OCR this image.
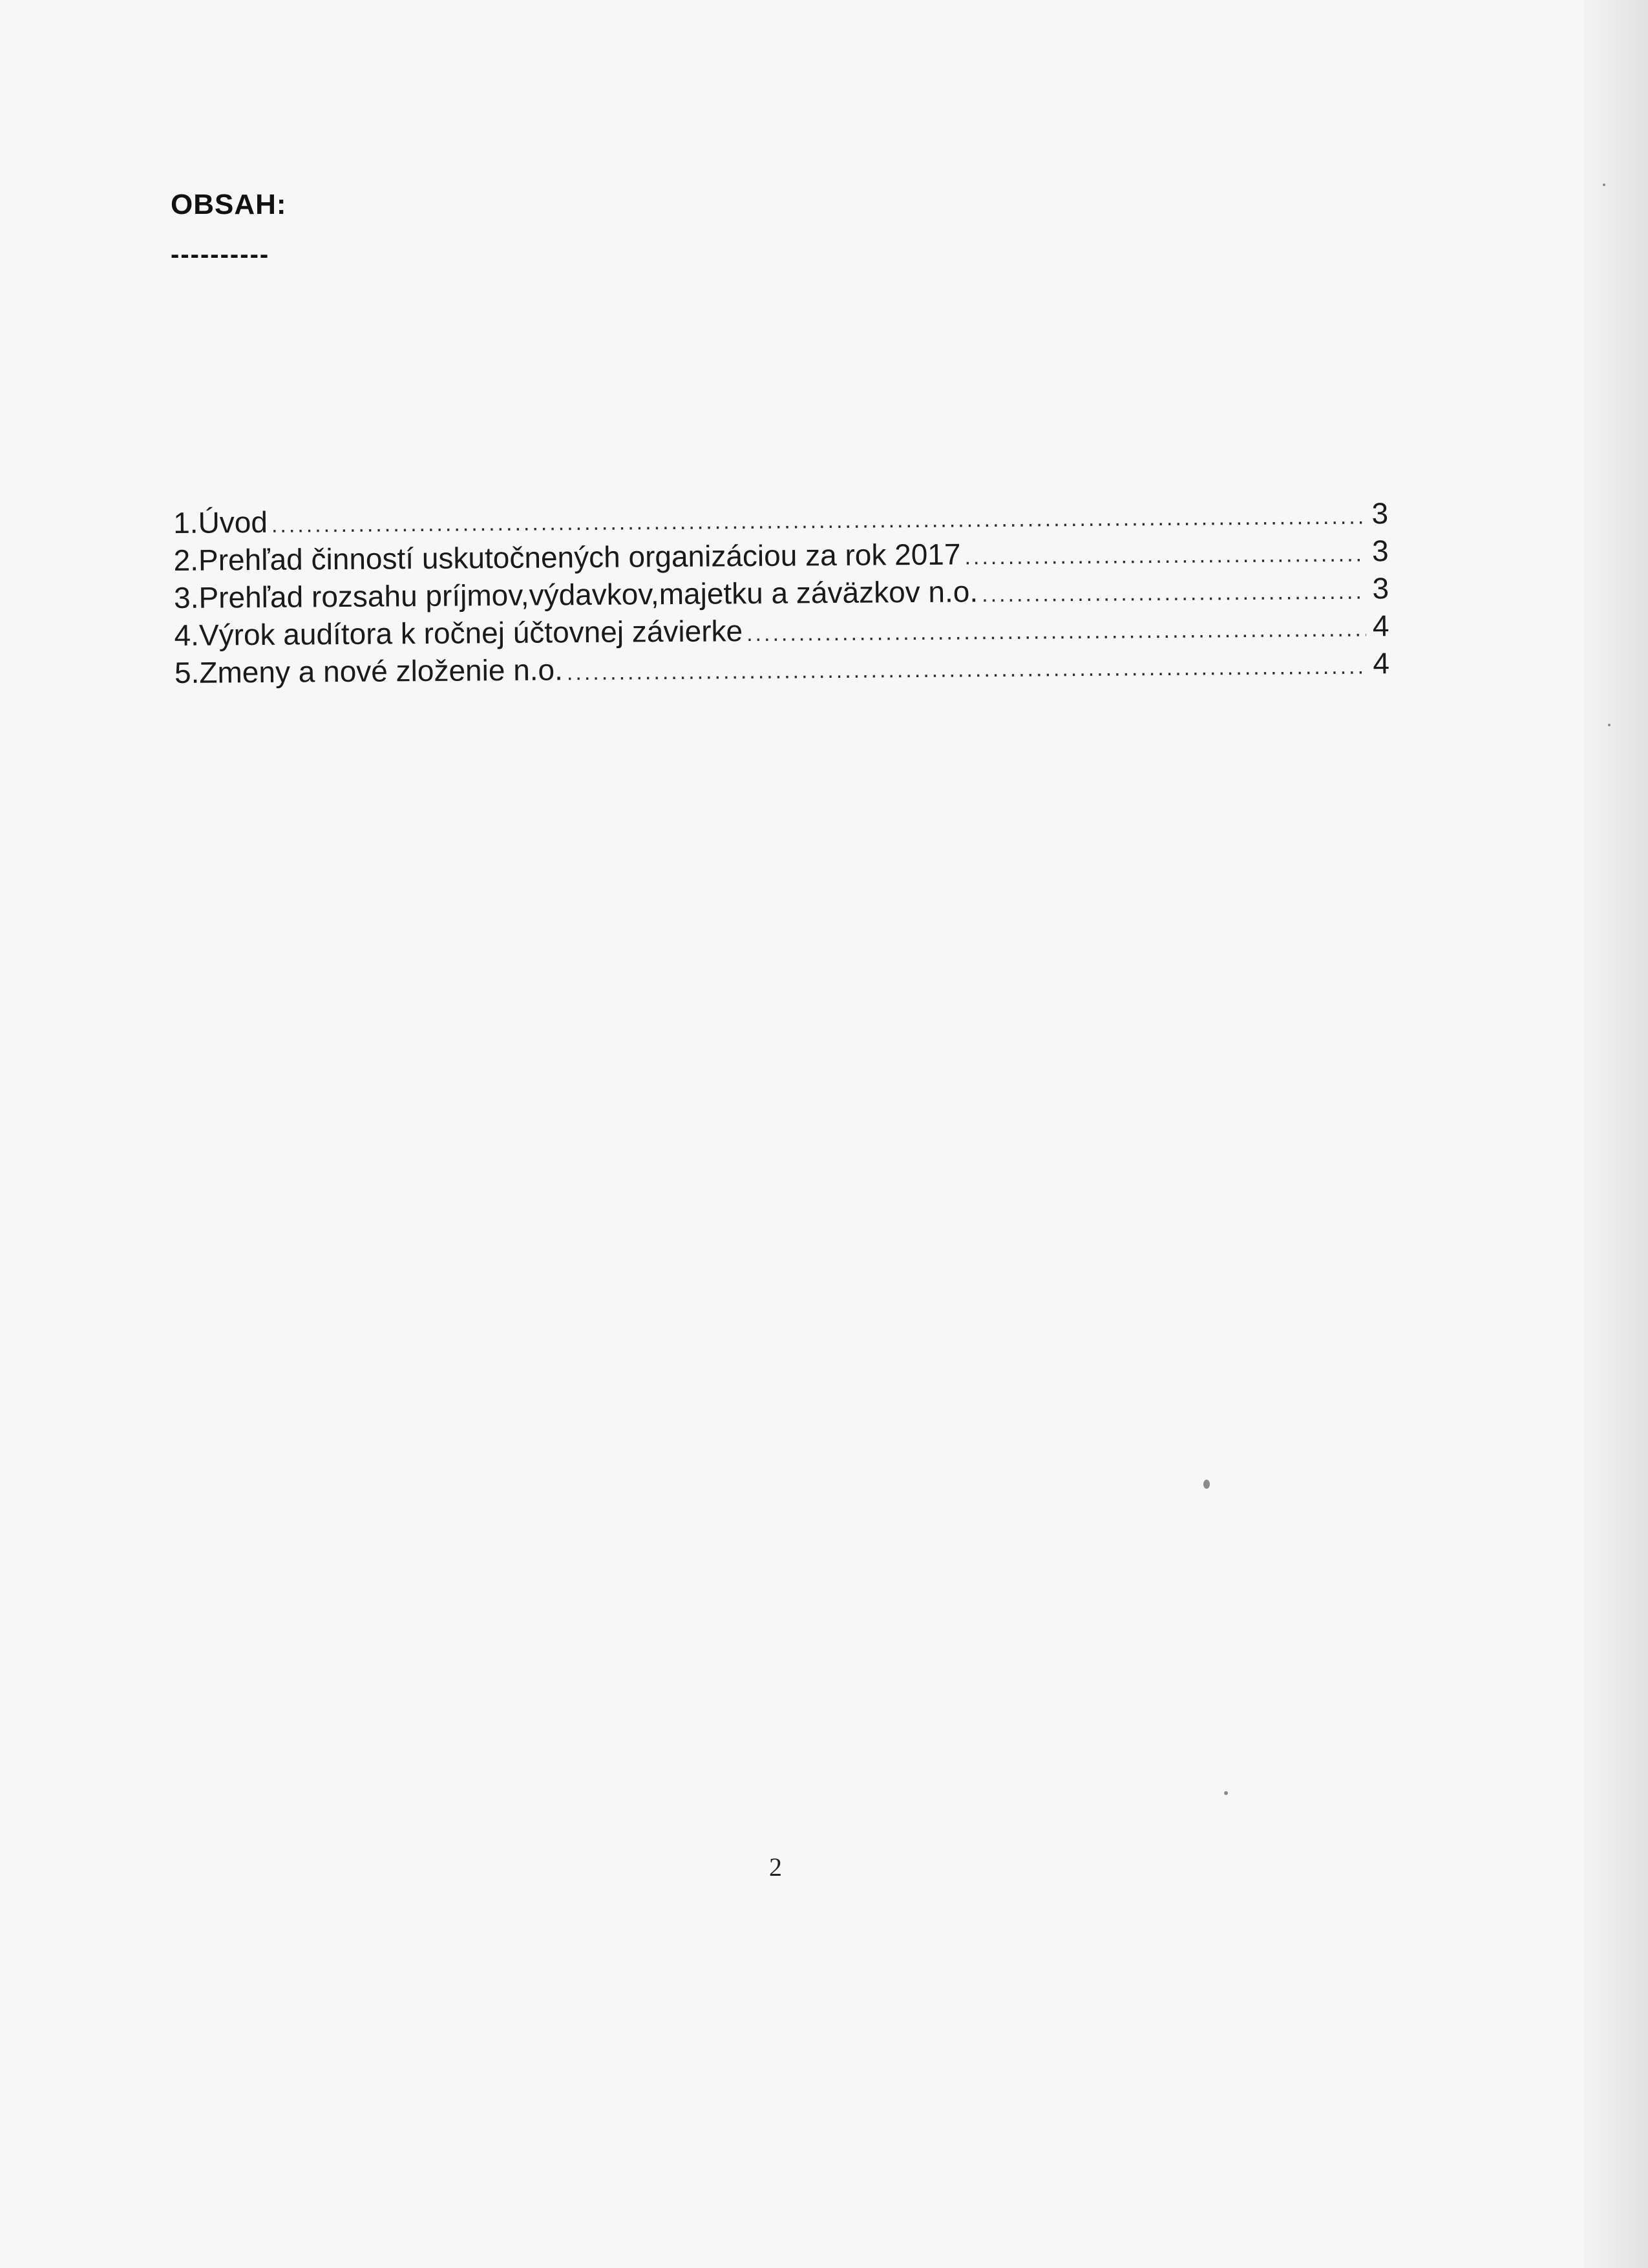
OBSAH:
----------
1.Úvod .....	3
2.Prehľad činností uskutočnených organizáciou za rok 2017 .....	3
3.Prehľad rozsahu príjmov,výdavkov,majetku a záväzkov n.o. .....	3
4.Výrok audítora k ročnej účtovnej závierke .....	4
5.Zmeny a nové zloženie n.o. .....	4
2
